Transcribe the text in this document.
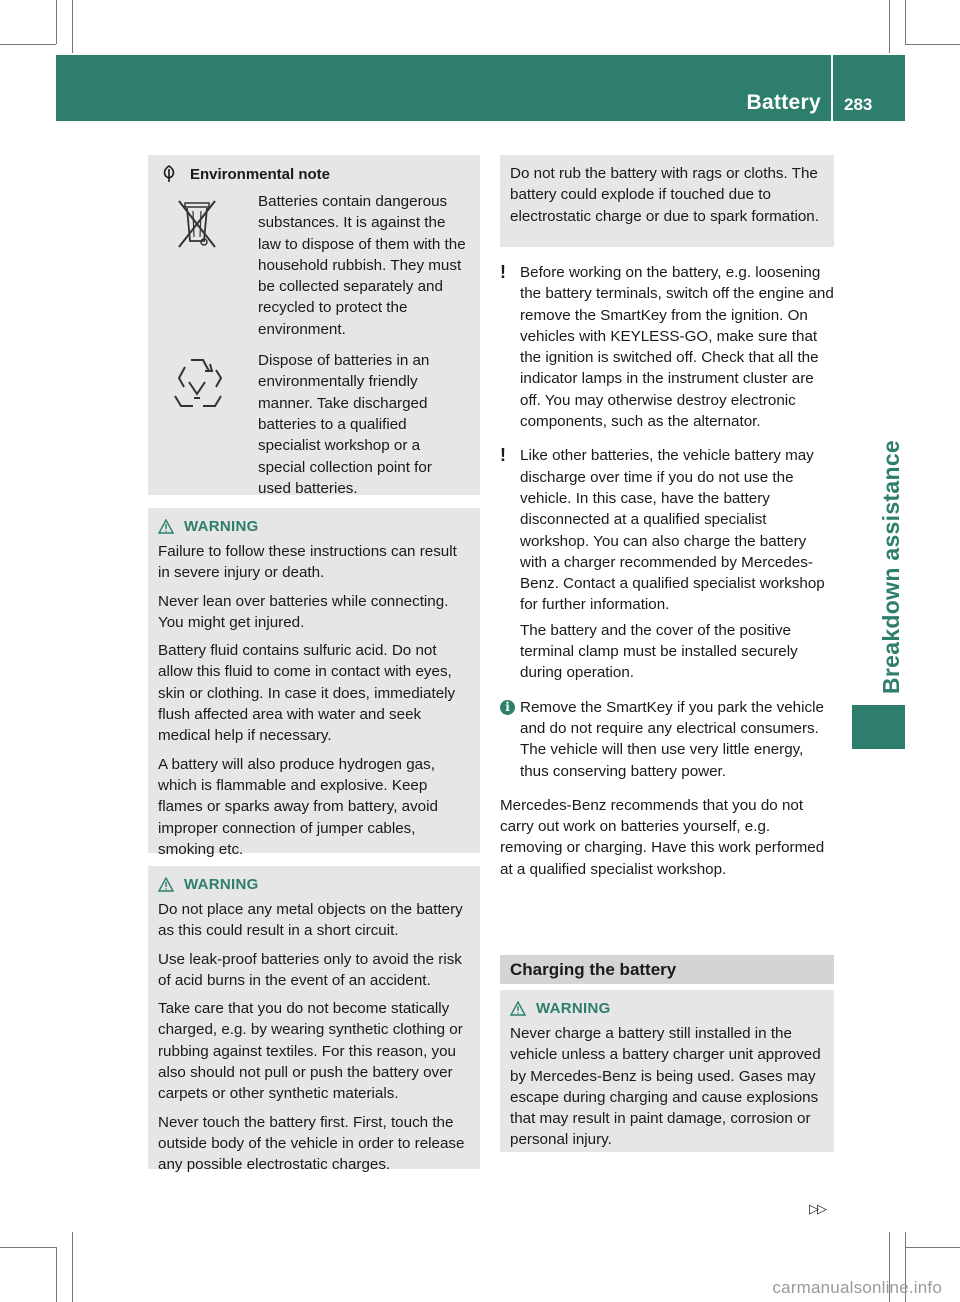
Battery 283
Breakdown assistance
Environmental note
Batteries contain dangerous substances. It is against the law to dispose of them with the household rubbish. They must be collected separately and recycled to protect the environment.
Dispose of batteries in an environmentally friendly manner. Take discharged batteries to a qualified specialist workshop or a special collection point for used batteries.
WARNING

Failure to follow these instructions can result in severe injury or death.

Never lean over batteries while connecting. You might get injured.

Battery fluid contains sulfuric acid. Do not allow this fluid to come in contact with eyes, skin or clothing. In case it does, immediately flush affected area with water and seek medical help if necessary.

A battery will also produce hydrogen gas, which is flammable and explosive. Keep flames or sparks away from battery, avoid improper connection of jumper cables, smoking etc.

WARNING

Do not place any metal objects on the battery as this could result in a short circuit.

Use leak-proof batteries only to avoid the risk of acid burns in the event of an accident.

Take care that you do not become statically charged, e.g. by wearing synthetic clothing or rubbing against textiles. For this reason, you also should not pull or push the battery over carpets or other synthetic materials.

Never touch the battery first. First, touch the outside body of the vehicle in order to release any possible electrostatic charges.

Do not rub the battery with rags or cloths. The battery could explode if touched due to electrostatic charge or due to spark formation.

! Before working on the battery, e.g. loosening the battery terminals, switch off the engine and remove the SmartKey from the ignition. On vehicles with KEYLESS-GO, make sure that the ignition is switched off. Check that all the indicator lamps in the instrument cluster are off. You may otherwise destroy electronic components, such as the alternator.

! Like other batteries, the vehicle battery may discharge over time if you do not use the vehicle. In this case, have the battery disconnected at a qualified specialist workshop. You can also charge the battery with a charger recommended by Mercedes-Benz. Contact a qualified specialist workshop for further information.

The battery and the cover of the positive terminal clamp must be installed securely during operation.

i Remove the SmartKey if you park the vehicle and do not require any electrical consumers. The vehicle will then use very little energy, thus conserving battery power.

Mercedes-Benz recommends that you do not carry out work on batteries yourself, e.g. removing or charging. Have this work performed at a qualified specialist workshop.

Charging the battery
WARNING

Never charge a battery still installed in the vehicle unless a battery charger unit approved by Mercedes-Benz is being used. Gases may escape during charging and cause explosions that may result in paint damage, corrosion or personal injury.

▷▷
carmanualsonline.info
